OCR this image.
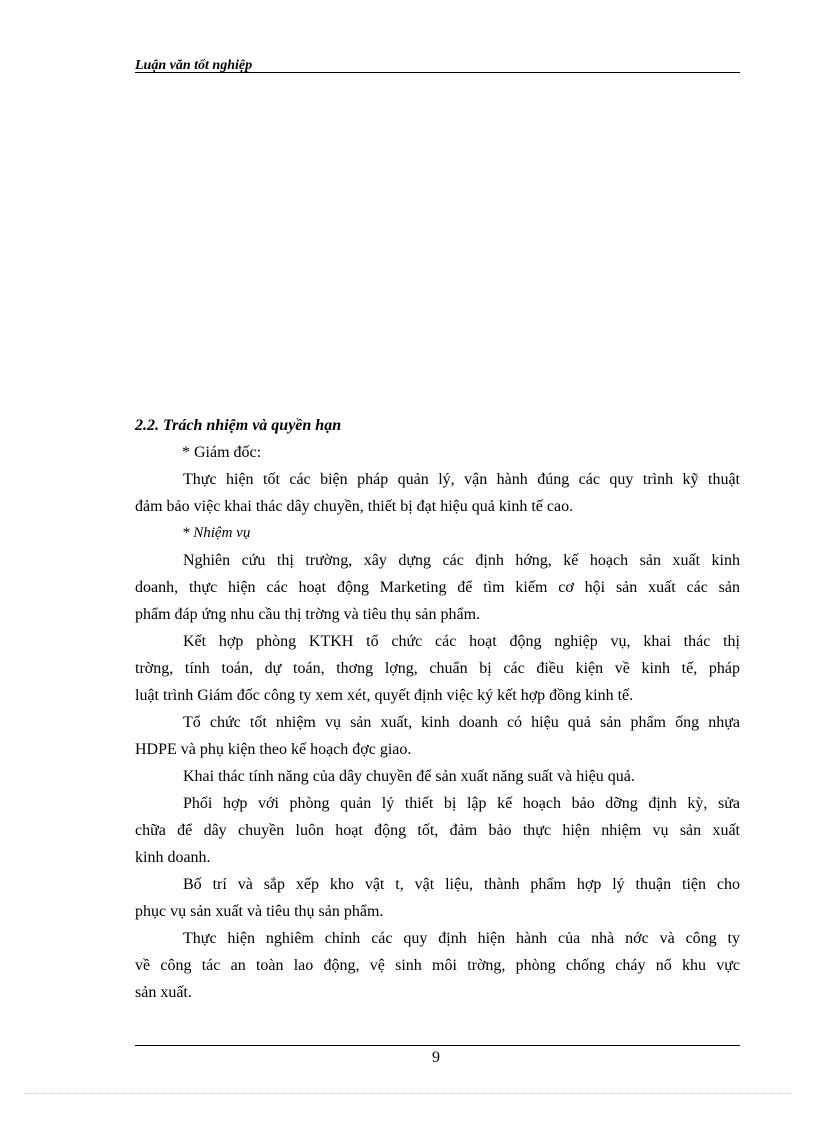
Luận văn tốt nghiệp
2.2. Trách nhiệm và quyền hạn
* Giám đốc:
Thực hiện tốt các biện pháp quản lý, vận hành đúng các quy trình kỹ thuật
đảm bảo việc khai thác dây chuyền, thiết bị đạt hiệu quả kinh tế cao.
* Nhiệm vụ
Nghiên cứu thị trường, xây dựng các định hớng, kế hoạch sản xuất kinh
doanh, thực hiện các hoạt động Marketing để tìm kiếm cơ hội sản xuất các sản
phẩm đáp ứng nhu cầu thị trờng và tiêu thụ sản phẩm.
Kết hợp phòng KTKH tổ chức các hoạt động nghiệp vụ, khai thác thị
trờng, tính toán, dự toán, thơng lợng, chuẩn bị các điều kiện về kinh tế, pháp
luật trình Giám đốc công ty xem xét, quyết định việc ký kết hợp đồng kinh tế.
Tổ chức tốt nhiệm vụ sản xuất, kinh doanh có hiệu quả sản phẩm ống nhựa
HDPE và phụ kiện theo kế hoạch đợc giao.
Khai thác tính năng của dây chuyền để sản xuất năng suất và hiệu quả.
Phối hợp với phòng quản lý thiết bị lập kế hoạch bảo dỡng định kỳ, sửa
chữa để dây chuyền luôn hoạt động tốt, đảm bảo thực hiện nhiệm vụ sản xuất
kinh doanh.
Bố trí và sắp xếp kho vật t, vật liệu, thành phẩm hợp lý thuận tiện cho
phục vụ sản xuất và tiêu thụ sản phẩm.
Thực hiện nghiêm chỉnh các quy định hiện hành của nhà nớc và công ty
về công tác an toàn lao động, vệ sinh môi trờng, phòng chống cháy nổ khu vực
sản xuất.
9
